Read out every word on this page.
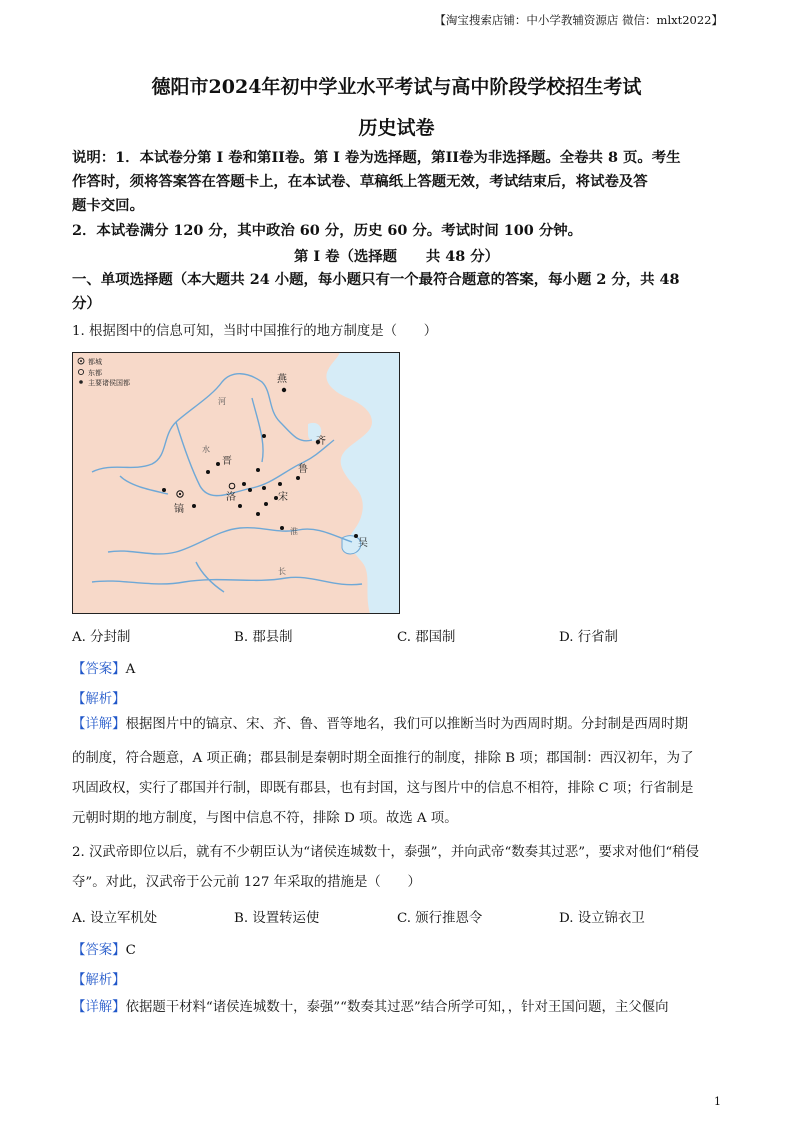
【淘宝搜索店铺：中小学教辅资源店 微信：mlxt2022】
德阳市2024年初中学业水平考试与高中阶段学校招生考试
历史试卷
说明：1．本试卷分第 I 卷和第II卷。第 I 卷为选择题，第II卷为非选择题。全卷共 8 页。考生
作答时，须将答案答在答题卡上，在本试卷、草稿纸上答题无效，考试结束后，将试卷及答
题卡交回。
2．本试卷满分 120 分，其中政治 60 分，历史 60 分。考试时间 100 分钟。
第 I 卷（选择题　　共 48 分）
一、单项选择题（本大题共 24 小题，每小题只有一个最符合题意的答案，每小题 2 分，共 48
分）
1. 根据图中的信息可知，当时中国推行的地方制度是（　　）
都城
东都
主要诸侯国都	燕
河
齐
晋
鲁
水
洛	宋
镐
淮
吴
长
A. 分封制	B. 郡县制	C. 郡国制	D. 行省制
【答案】A
【解析】
【详解】根据图片中的镐京、宋、齐、鲁、晋等地名，我们可以推断当时为西周时期。分封制是西周时期
的制度，符合题意，A 项正确；郡县制是秦朝时期全面推行的制度，排除 B 项；郡国制：西汉初年，为了
巩固政权，实行了郡国并行制，即既有郡县，也有封国，这与图片中的信息不相符，排除 C 项；行省制是
元朝时期的地方制度，与图中信息不符，排除 D 项。故选 A 项。
2. 汉武帝即位以后，就有不少朝臣认为“诸侯连城数十，泰强”，并向武帝“数奏其过恶”，要求对他们“稍侵
夺”。对此，汉武帝于公元前 127 年采取的措施是（　　）
A. 设立军机处	B. 设置转运使	C. 颁行推恩令	D. 设立锦衣卫
【答案】C
【解析】
【详解】依据题干材料“诸侯连城数十，泰强”“数奏其过恶”结合所学可知，，针对王国问题，主父偃向
1
